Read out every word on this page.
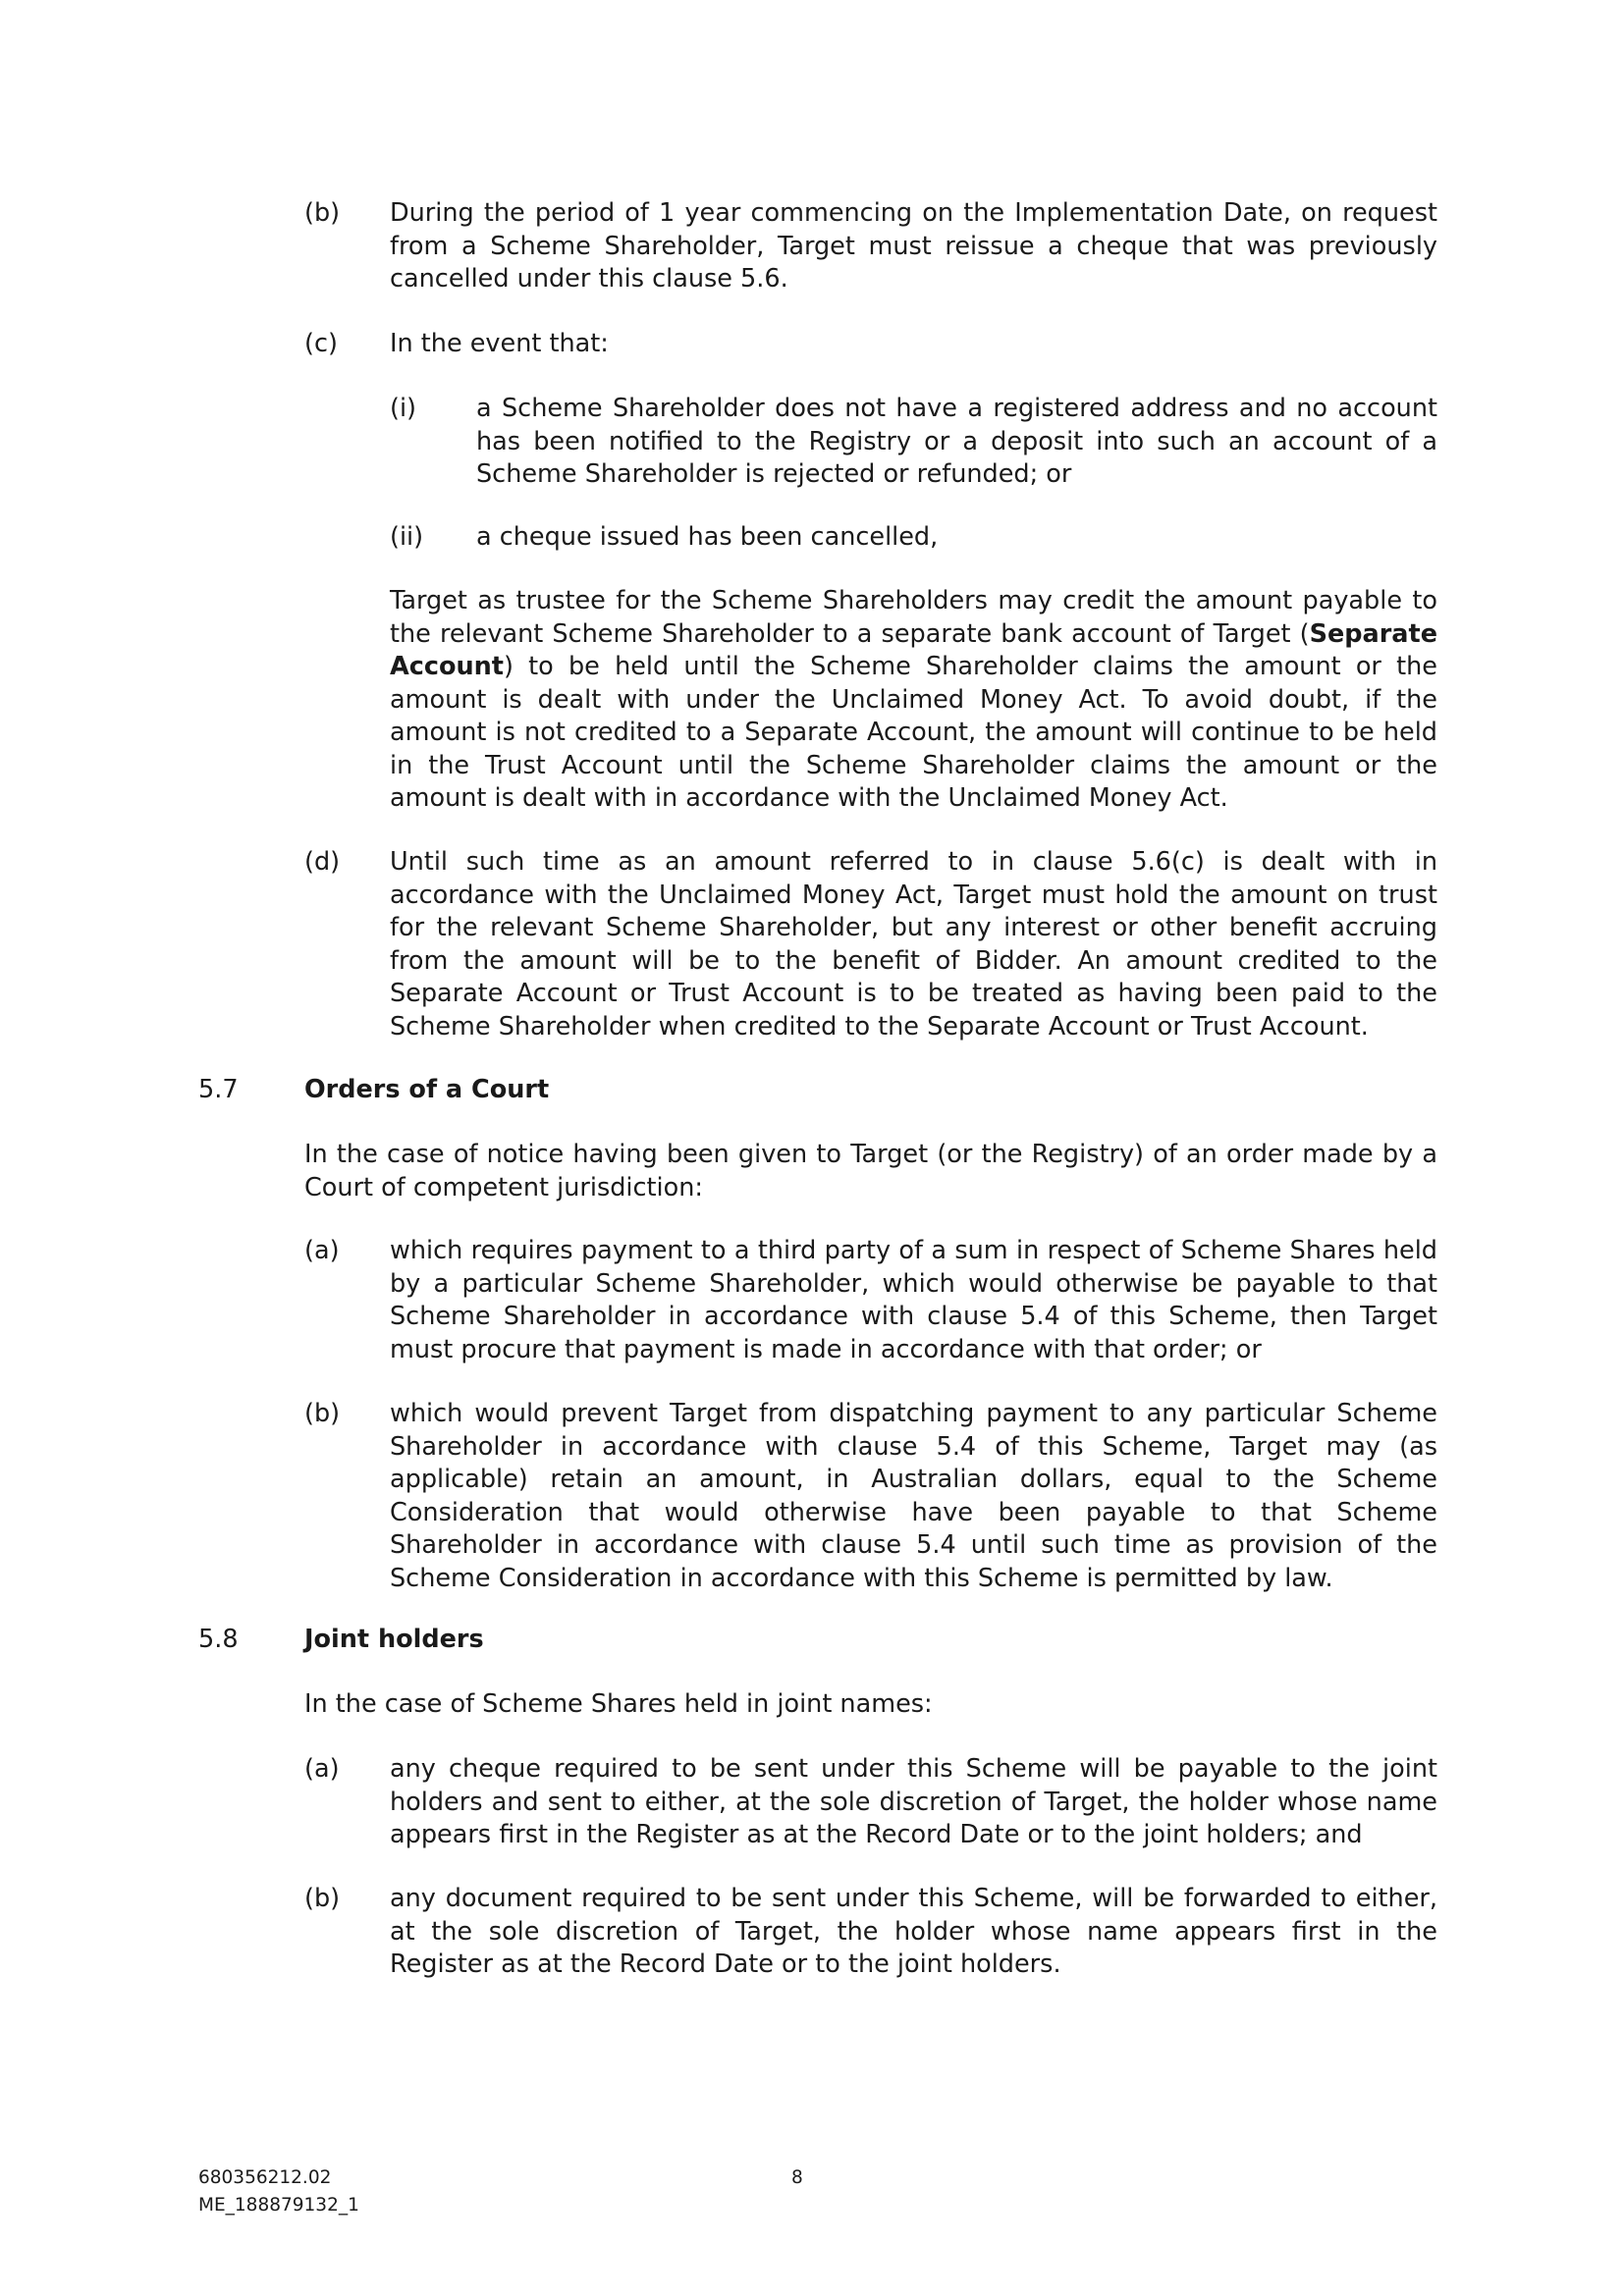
(b) During the period of 1 year commencing on the Implementation Date, on request from a Scheme Shareholder, Target must reissue a cheque that was previously cancelled under this clause 5.6.
(c) In the event that:
(i) a Scheme Shareholder does not have a registered address and no account has been notified to the Registry or a deposit into such an account of a Scheme Shareholder is rejected or refunded; or
(ii) a cheque issued has been cancelled,
Target as trustee for the Scheme Shareholders may credit the amount payable to the relevant Scheme Shareholder to a separate bank account of Target (Separate Account) to be held until the Scheme Shareholder claims the amount or the amount is dealt with under the Unclaimed Money Act. To avoid doubt, if the amount is not credited to a Separate Account, the amount will continue to be held in the Trust Account until the Scheme Shareholder claims the amount or the amount is dealt with in accordance with the Unclaimed Money Act.
(d) Until such time as an amount referred to in clause 5.6(c) is dealt with in accordance with the Unclaimed Money Act, Target must hold the amount on trust for the relevant Scheme Shareholder, but any interest or other benefit accruing from the amount will be to the benefit of Bidder. An amount credited to the Separate Account or Trust Account is to be treated as having been paid to the Scheme Shareholder when credited to the Separate Account or Trust Account.
5.7	Orders of a Court
In the case of notice having been given to Target (or the Registry) of an order made by a Court of competent jurisdiction:
(a) which requires payment to a third party of a sum in respect of Scheme Shares held by a particular Scheme Shareholder, which would otherwise be payable to that Scheme Shareholder in accordance with clause 5.4 of this Scheme, then Target must procure that payment is made in accordance with that order; or
(b) which would prevent Target from dispatching payment to any particular Scheme Shareholder in accordance with clause 5.4 of this Scheme, Target may (as applicable) retain an amount, in Australian dollars, equal to the Scheme Consideration that would otherwise have been payable to that Scheme Shareholder in accordance with clause 5.4 until such time as provision of the Scheme Consideration in accordance with this Scheme is permitted by law.
5.8	Joint holders
In the case of Scheme Shares held in joint names:
(a) any cheque required to be sent under this Scheme will be payable to the joint holders and sent to either, at the sole discretion of Target, the holder whose name appears first in the Register as at the Record Date or to the joint holders; and
(b) any document required to be sent under this Scheme, will be forwarded to either, at the sole discretion of Target, the holder whose name appears first in the Register as at the Record Date or to the joint holders.
680356212.02
ME_188879132_1
8
